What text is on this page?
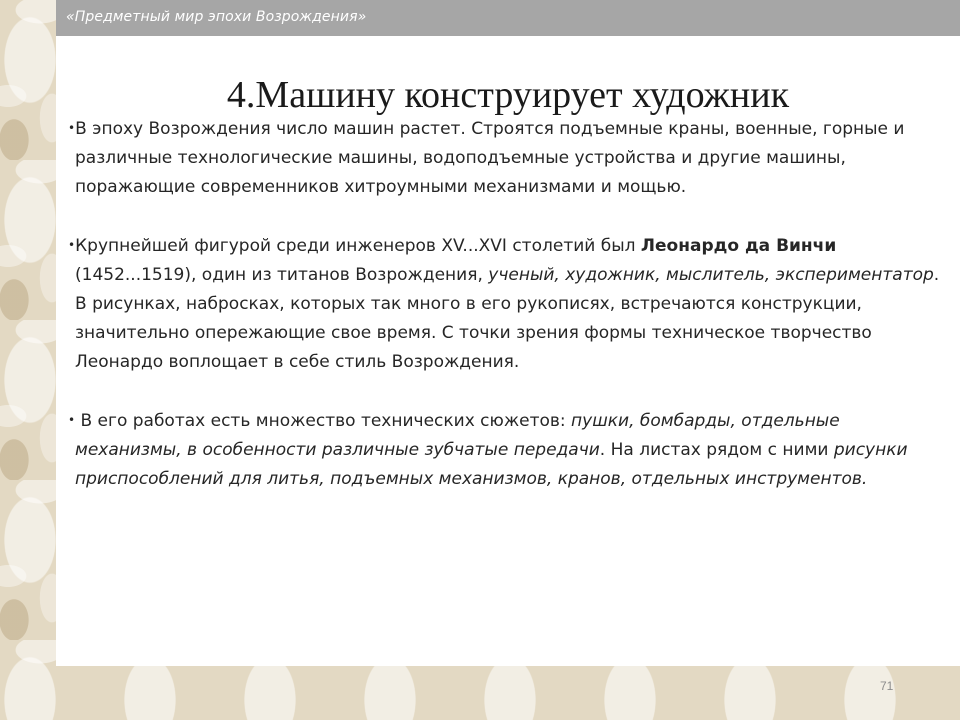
«Предметный мир эпохи Возрождения»
4.Машину конструирует художник

•В эпоху Возрождения число машин растет. Строятся подъемные краны, военные, горные и различные технологические машины, водоподъемные устройства и другие машины, поражающие современников хитроумными механизмами и мощью.

•Крупнейшей фигурой среди инженеров XV...XVI столетий был Леонардо да Винчи (1452...1519), один из титанов Возрождения, ученый, художник, мыслитель, экспериментатор. В рисунках, набросках, которых так много в его рукописях, встречаются конструкции, значительно опережающие свое время. С точки зрения формы техническое творчество Леонардо воплощает в себе стиль Возрождения.

• В его работах есть множество технических сюжетов: пушки, бомбарды, отдельные механизмы, в особенности различные зубчатые передачи. На листах рядом с ними рисунки приспособлений для литья, подъемных механизмов, кранов, отдельных инструментов.

71
